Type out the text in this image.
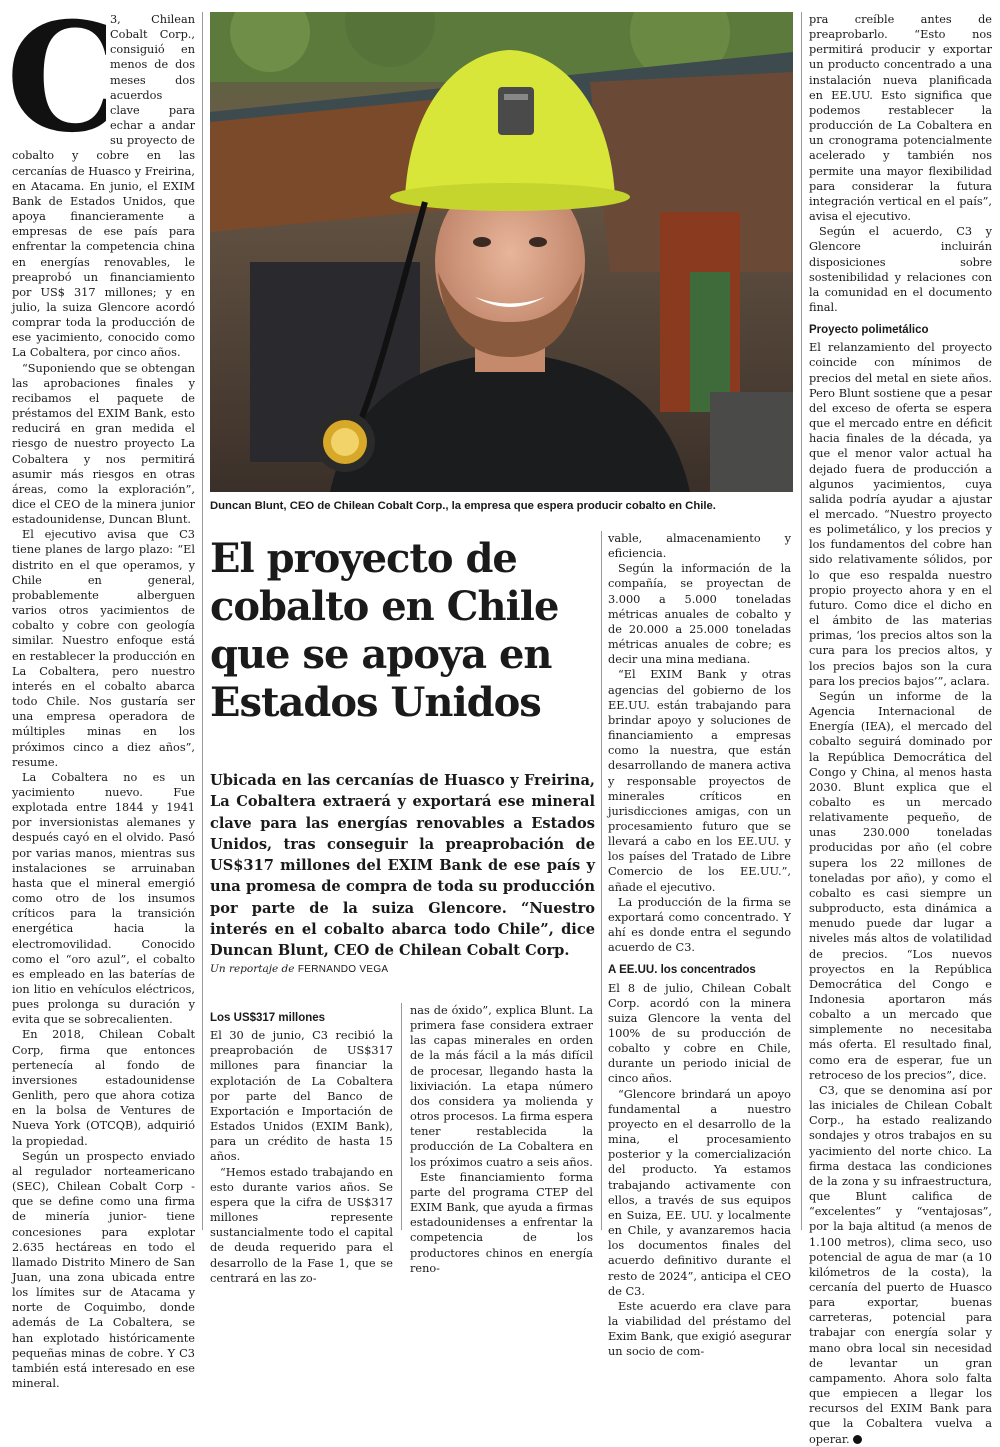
C

3, Chilean Cobalt Corp., consiguió en menos de dos meses dos acuerdos clave para echar a andar su proyecto de cobalto y cobre en las cercanías de Huasco y Freirina, en Atacama. En junio, el EXIM Bank de Estados Unidos, que apoya financieramente a empresas de ese país para enfrentar la competencia china en energías renovables, le preaprobó un financiamiento por US$ 317 millones; y en julio, la suiza Glencore acordó comprar toda la producción de ese yacimiento, conocido como La Cobaltera, por cinco años.

“Suponiendo que se obtengan las aprobaciones finales y recibamos el paquete de préstamos del EXIM Bank, esto reducirá en gran medida el riesgo de nuestro proyecto La Cobaltera y nos permitirá asumir más riesgos en otras áreas, como la exploración”, dice el CEO de la minera junior estadounidense, Duncan Blunt.

El ejecutivo avisa que C3 tiene planes de largo plazo: “El distrito en el que operamos, y Chile en general, probablemente alberguen varios otros yacimientos de cobalto y cobre con geología similar. Nuestro enfoque está en restablecer la producción en La Cobaltera, pero nuestro interés en el cobalto abarca todo Chile. Nos gustaría ser una empresa operadora de múltiples minas en los próximos cinco a diez años”, resume.

La Cobaltera no es un yacimiento nuevo. Fue explotada entre 1844 y 1941 por inversionistas alemanes y después cayó en el olvido. Pasó por varias manos, mientras sus instalaciones se arruinaban hasta que el mineral emergió como otro de los insumos críticos para la transición energética hacia la electromovilidad. Conocido como el “oro azul”, el cobalto es empleado en las baterías de ion litio en vehículos eléctricos, pues prolonga su duración y evita que se sobrecalienten.

En 2018, Chilean Cobalt Corp, firma que entonces pertenecía al fondo de inversiones estadounidense Genlith, pero que ahora cotiza en la bolsa de Ventures de Nueva York (OTCQB), adquirió la propiedad.

Según un prospecto enviado al regulador norteamericano (SEC), Chilean Cobalt Corp - que se define como una firma de minería junior- tiene concesiones para explotar 2.635 hectáreas en todo el llamado Distrito Minero de San Juan, una zona ubicada entre los límites sur de Atacama y norte de Coquimbo, donde además de La Cobaltera, se han explotado históricamente pequeñas minas de cobre. Y C3 también está interesado en ese mineral.

Duncan Blunt, CEO de Chilean Cobalt Corp., la empresa que espera producir cobalto en Chile.
El proyecto de cobalto en Chile que se apoya en Estados Unidos
Ubicada en las cercanías de Huasco y Freirina, La Cobaltera extraerá y exportará ese mineral clave para las energías renovables a Estados Unidos, tras conseguir la preaprobación de US$317 millones del EXIM Bank de ese país y una promesa de compra de toda su producción por parte de la suiza Glencore. “Nuestro interés en el cobalto abarca todo Chile”, dice Duncan Blunt, CEO de Chilean Cobalt Corp.
Un reportaje de FERNANDO VEGA

Los US$317 millones

El 30 de junio, C3 recibió la preaprobación de US$317 millones para financiar la explotación de La Cobaltera por parte del Banco de Exportación e Importación de Estados Unidos (EXIM Bank), para un crédito de hasta 15 años.

“Hemos estado trabajando en esto durante varios años. Se espera que la cifra de US$317 millones represente sustancialmente todo el capital de deuda requerido para el desarrollo de la Fase 1, que se centrará en las zo-

nas de óxido”, explica Blunt. La primera fase considera extraer las capas minerales en orden de la más fácil a la más difícil de procesar, llegando hasta la lixiviación. La etapa número dos considera ya molienda y otros procesos. La firma espera tener restablecida la producción de La Cobaltera en los próximos cuatro a seis años.

Este financiamiento forma parte del programa CTEP del EXIM Bank, que ayuda a firmas estadounidenses a enfrentar la competencia de los productores chinos en energía reno-

vable, almacenamiento y eficiencia.

Según la información de la compañía, se proyectan de 3.000 a 5.000 toneladas métricas anuales de cobalto y de 20.000 a 25.000 toneladas métricas anuales de cobre; es decir una mina mediana.

“El EXIM Bank y otras agencias del gobierno de los EE.UU. están trabajando para brindar apoyo y soluciones de financiamiento a empresas como la nuestra, que están desarrollando de manera activa y responsable proyectos de minerales críticos en jurisdicciones amigas, con un procesamiento futuro que se llevará a cabo en los EE.UU. y los países del Tratado de Libre Comercio de los EE.UU.”, añade el ejecutivo.

La producción de la firma se exportará como concentrado. Y ahí es donde entra el segundo acuerdo de C3.

A EE.UU. los concentrados

El 8 de julio, Chilean Cobalt Corp. acordó con la minera suiza Glencore la venta del 100% de su producción de cobalto y cobre en Chile, durante un periodo inicial de cinco años.

“Glencore brindará un apoyo fundamental a nuestro proyecto en el desarrollo de la mina, el procesamiento posterior y la comercialización del producto. Ya estamos trabajando activamente con ellos, a través de sus equipos en Suiza, EE. UU. y localmente en Chile, y avanzaremos hacia los documentos finales del acuerdo definitivo durante el resto de 2024”, anticipa el CEO de C3.

Este acuerdo era clave para la viabilidad del préstamo del Exim Bank, que exigió asegurar un socio de com-

pra creíble antes de preaprobarlo. “Esto nos permitirá producir y exportar un producto concentrado a una instalación nueva planificada en EE.UU. Esto significa que podemos restablecer la producción de La Cobaltera en un cronograma potencialmente acelerado y también nos permite una mayor flexibilidad para considerar la futura integración vertical en el país”, avisa el ejecutivo.

Según el acuerdo, C3 y Glencore incluirán disposiciones sobre sostenibilidad y relaciones con la comunidad en el documento final.

Proyecto polimetálico

El relanzamiento del proyecto coincide con mínimos de precios del metal en siete años. Pero Blunt sostiene que a pesar del exceso de oferta se espera que el mercado entre en déficit hacia finales de la década, ya que el menor valor actual ha dejado fuera de producción a algunos yacimientos, cuya salida podría ayudar a ajustar el mercado. “Nuestro proyecto es polimetálico, y los precios y los fundamentos del cobre han sido relativamente sólidos, por lo que eso respalda nuestro propio proyecto ahora y en el futuro. Como dice el dicho en el ámbito de las materias primas, ‘los precios altos son la cura para los precios altos, y los precios bajos son la cura para los precios bajos’”, aclara.

Según un informe de la Agencia Internacional de Energía (IEA), el mercado del cobalto seguirá dominado por la República Democrática del Congo y China, al menos hasta 2030. Blunt explica que el cobalto es un mercado relativamente pequeño, de unas 230.000 toneladas producidas por año (el cobre supera los 22 millones de toneladas por año), y como el cobalto es casi siempre un subproducto, esta dinámica a menudo puede dar lugar a niveles más altos de volatilidad de precios. “Los nuevos proyectos en la República Democrática del Congo e Indonesia aportaron más cobalto a un mercado que simplemente no necesitaba más oferta. El resultado final, como era de esperar, fue un retroceso de los precios”, dice.

C3, que se denomina así por las iniciales de Chilean Cobalt Corp., ha estado realizando sondajes y otros trabajos en su yacimiento del norte chico. La firma destaca las condiciones de la zona y su infraestructura, que Blunt califica de “excelentes” y “ventajosas”, por la baja altitud (a menos de 1.100 metros), clima seco, uso potencial de agua de mar (a 10 kilómetros de la costa), la cercanía del puerto de Huasco para exportar, buenas carreteras, potencial para trabajar con energía solar y mano obra local sin necesidad de levantar un gran campamento. Ahora solo falta que empiecen a llegar los recursos del EXIM Bank para que la Cobaltera vuelva a operar.
